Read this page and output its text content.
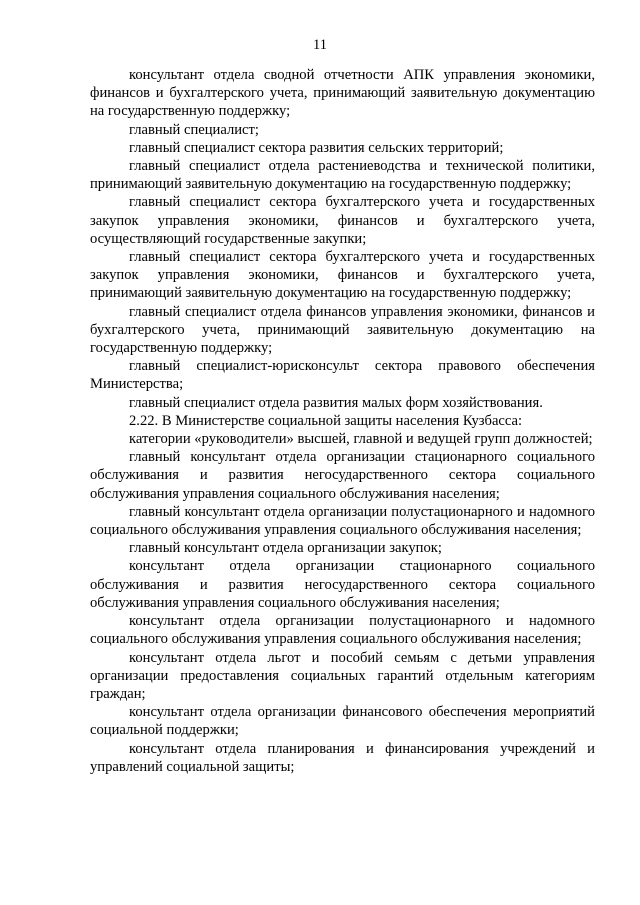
11

консультант отдела сводной отчетности АПК управления экономики, финансов и бухгалтерского учета, принимающий заявительную документацию на государственную поддержку;

главный специалист;

главный специалист сектора развития сельских территорий;

главный специалист отдела растениеводства и технической политики, принимающий заявительную документацию на государственную поддержку;

главный специалист сектора бухгалтерского учета и государственных закупок управления экономики, финансов и бухгалтерского учета, осуществляющий государственные закупки;

главный специалист сектора бухгалтерского учета и государственных закупок управления экономики, финансов и бухгалтерского учета, принимающий заявительную документацию на государственную поддержку;

главный специалист отдела финансов управления экономики, финансов и бухгалтерского учета, принимающий заявительную документацию на государственную поддержку;

главный специалист-юрисконсульт сектора правового обеспечения Министерства;

главный специалист отдела развития малых форм хозяйствования.

2.22. В Министерстве социальной защиты населения Кузбасса:

категории «руководители» высшей, главной и ведущей групп должностей;

главный консультант отдела организации стационарного социального обслуживания и развития негосударственного сектора социального обслуживания управления социального обслуживания населения;

главный консультант отдела организации полустационарного и надомного социального обслуживания управления социального обслуживания населения;

главный консультант отдела организации закупок;

консультант отдела организации стационарного социального обслуживания и развития негосударственного сектора социального обслуживания управления социального обслуживания населения;

консультант отдела организации полустационарного и надомного социального обслуживания управления социального обслуживания населения;

консультант отдела льгот и пособий семьям с детьми управления организации предоставления социальных гарантий отдельным категориям граждан;

консультант отдела организации финансового обеспечения мероприятий социальной поддержки;

консультант отдела планирования и финансирования учреждений и управлений социальной защиты;
